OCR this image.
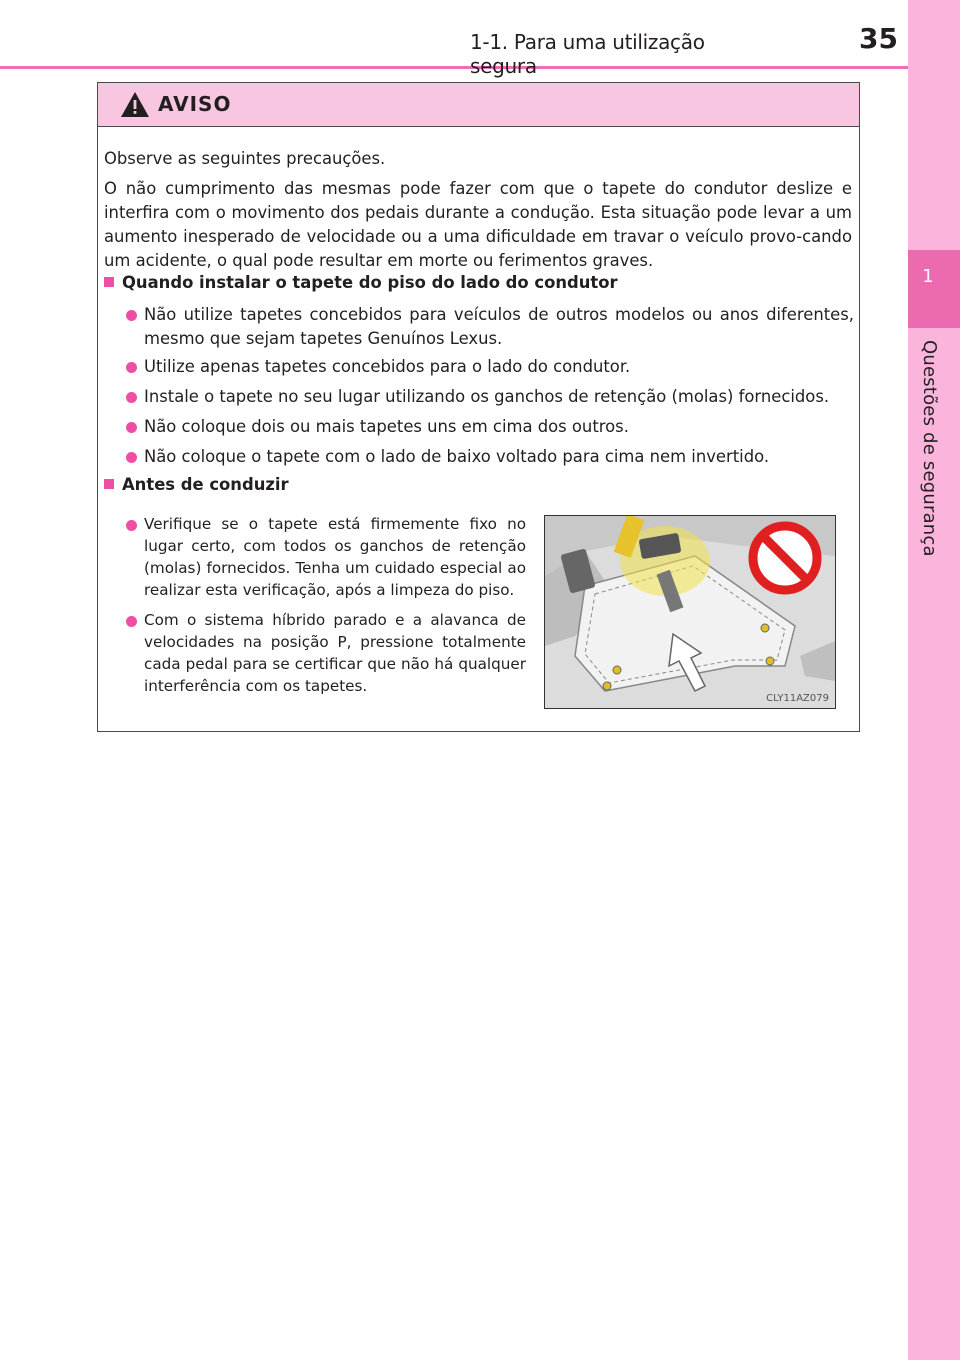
1-1. Para uma utilização segura
35
1
Questões de segurança
AVISO
Observe as seguintes precauções.
O não cumprimento das mesmas pode fazer com que o tapete do condutor deslize e interfira com o movimento dos pedais durante a condução. Esta situação pode levar a um aumento inesperado de velocidade ou a uma dificuldade em travar o veículo provo-cando um acidente, o qual pode resultar em morte ou ferimentos graves.
Quando instalar o tapete do piso do lado do condutor
Não utilize tapetes concebidos para veículos de outros modelos ou anos diferentes, mesmo que sejam tapetes Genuínos Lexus.
Utilize apenas tapetes concebidos para o lado do condutor.
Instale o tapete no seu lugar utilizando os ganchos de retenção (molas) fornecidos.
Não coloque dois ou mais tapetes uns em cima dos outros.
Não coloque o tapete com o lado de baixo voltado para cima nem invertido.
Antes de conduzir
Verifique se o tapete está firmemente fixo no lugar certo, com todos os ganchos de retenção (molas) fornecidos. Tenha um cuidado especial ao realizar esta verificação, após a limpeza do piso.
Com o sistema híbrido parado e a alavanca de velocidades na posição P, pressione totalmente cada pedal para se certificar que não há qualquer interferência com os tapetes.
CLY11AZ079
